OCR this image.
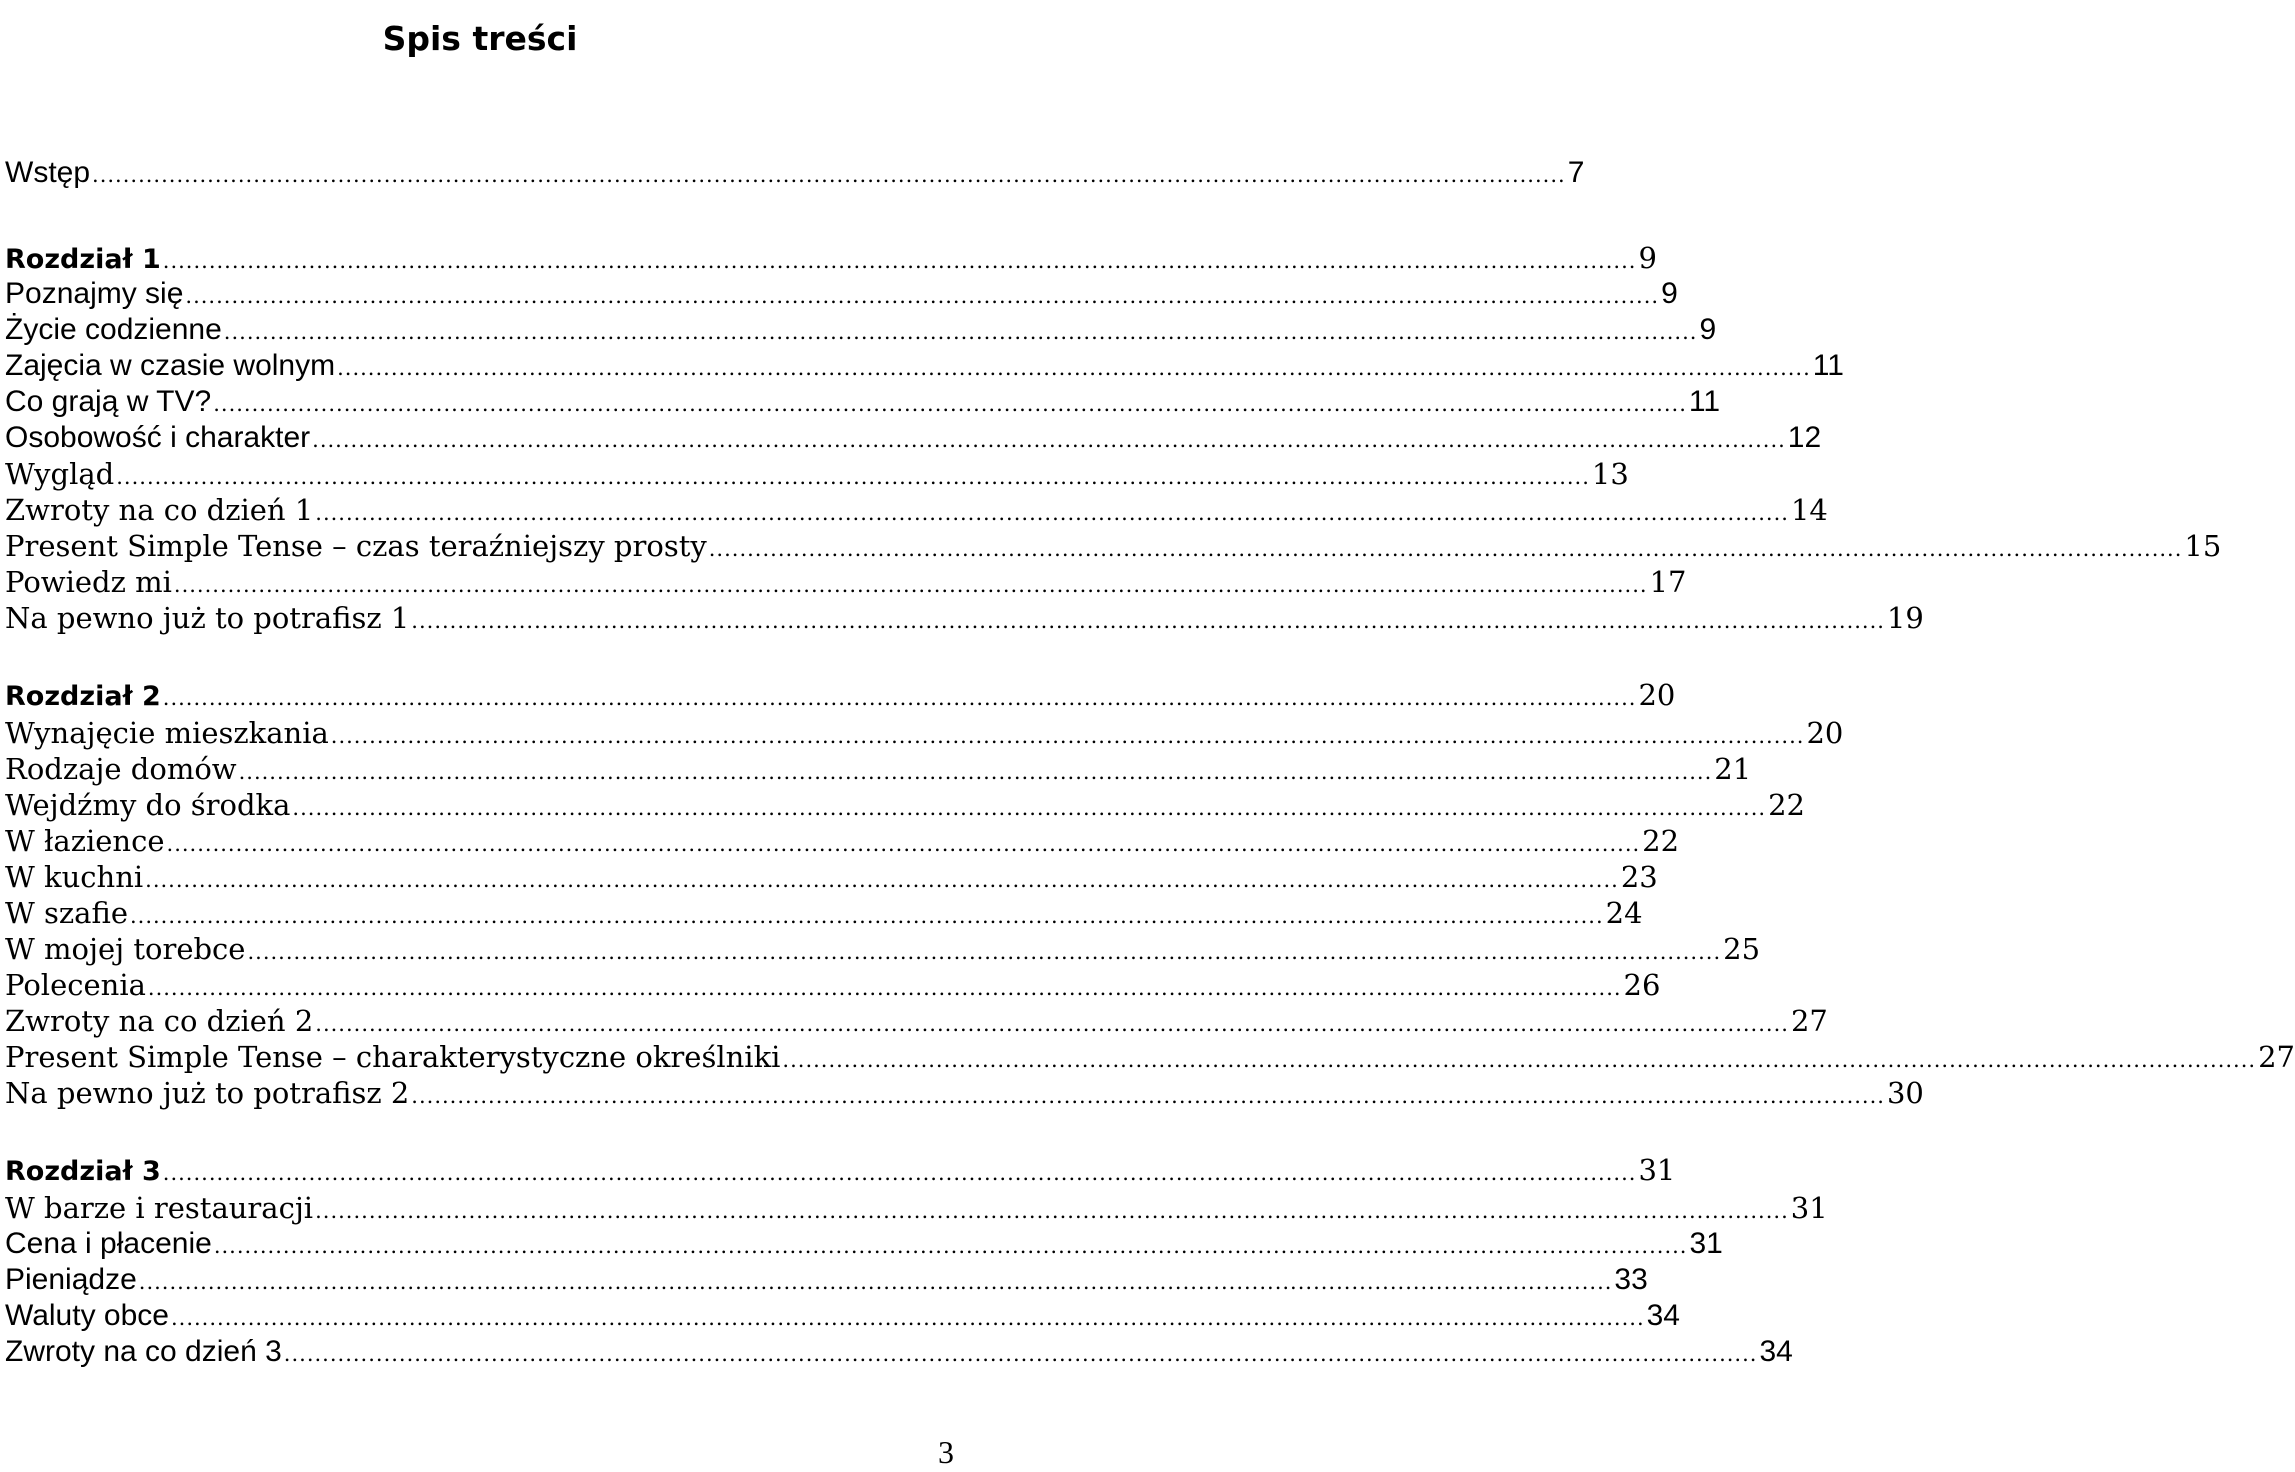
Spis treści
Wstęp ................................................................................................................................................................................................ 7
Rozdział 1 ................................................................................................................................................................................................ 9
Poznajmy się ................................................................................................................................................................................................ 9
Życie codzienne ................................................................................................................................................................................................ 9
Zajęcia w czasie wolnym ................................................................................................................................................................................................ 11
Co grają w TV? ................................................................................................................................................................................................ 11
Osobowość i charakter ................................................................................................................................................................................................ 12
Wygląd ................................................................................................................................................................................................ 13
Zwroty na co dzień 1 ................................................................................................................................................................................................ 14
Present Simple Tense – czas teraźniejszy prosty ................................................................................................................................................................................................ 15
Powiedz mi ................................................................................................................................................................................................ 17
Na pewno już to potrafisz 1 ................................................................................................................................................................................................ 19
Rozdział 2 ................................................................................................................................................................................................ 20
Wynajęcie mieszkania ................................................................................................................................................................................................ 20
Rodzaje domów ................................................................................................................................................................................................ 21
Wejdźmy do środka ................................................................................................................................................................................................ 22
W łazience ................................................................................................................................................................................................ 22
W kuchni ................................................................................................................................................................................................ 23
W szafie ................................................................................................................................................................................................ 24
W mojej torebce ................................................................................................................................................................................................ 25
Polecenia ................................................................................................................................................................................................ 26
Zwroty na co dzień 2 ................................................................................................................................................................................................ 27
Present Simple Tense – charakterystyczne określniki ................................................................................................................................................................................................ 27
Na pewno już to potrafisz 2 ................................................................................................................................................................................................ 30
Rozdział 3 ................................................................................................................................................................................................ 31
W barze i restauracji ................................................................................................................................................................................................ 31
Cena i płacenie ................................................................................................................................................................................................ 31
Pieniądze ................................................................................................................................................................................................ 33
Waluty obce ................................................................................................................................................................................................ 34
Zwroty na co dzień 3 ................................................................................................................................................................................................ 34
3
